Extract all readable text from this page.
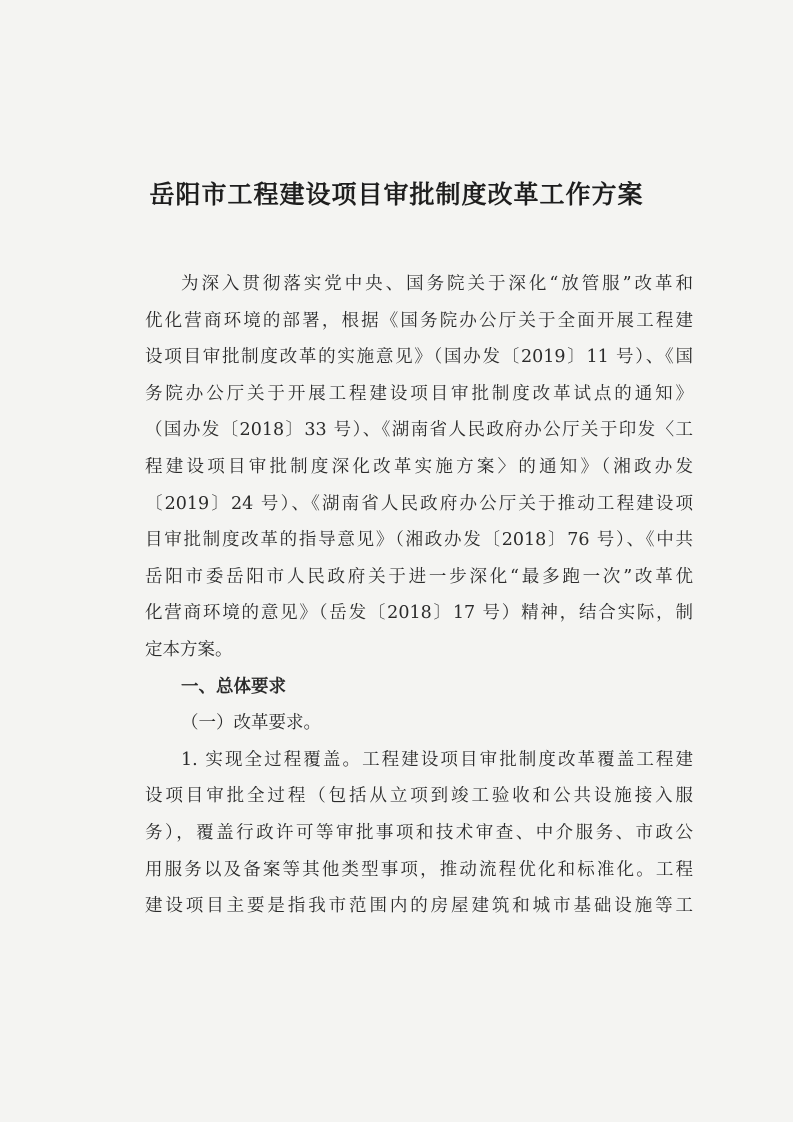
岳阳市工程建设项目审批制度改革工作方案
为深入贯彻落实党中央、国务院关于深化“放管服”改革和
优化营商环境的部署，根据《国务院办公厅关于全面开展工程建
设项目审批制度改革的实施意见》（国办发〔2019〕11 号）、《国
务院办公厅关于开展工程建设项目审批制度改革试点的通知》
（国办发〔2018〕33 号）、《湖南省人民政府办公厅关于印发〈工
程建设项目审批制度深化改革实施方案〉的通知》（湘政办发
〔2019〕24 号）、《湖南省人民政府办公厅关于推动工程建设项
目审批制度改革的指导意见》（湘政办发〔2018〕76 号）、《中共
岳阳市委岳阳市人民政府关于进一步深化“最多跑一次”改革优
化营商环境的意见》（岳发〔2018〕17 号）精神，结合实际，制
定本方案。
一、总体要求
（一）改革要求。
1. 实现全过程覆盖。工程建设项目审批制度改革覆盖工程建
设项目审批全过程（包括从立项到竣工验收和公共设施接入服
务），覆盖行政许可等审批事项和技术审查、中介服务、市政公
用服务以及备案等其他类型事项，推动流程优化和标准化。工程
建设项目主要是指我市范围内的房屋建筑和城市基础设施等工
